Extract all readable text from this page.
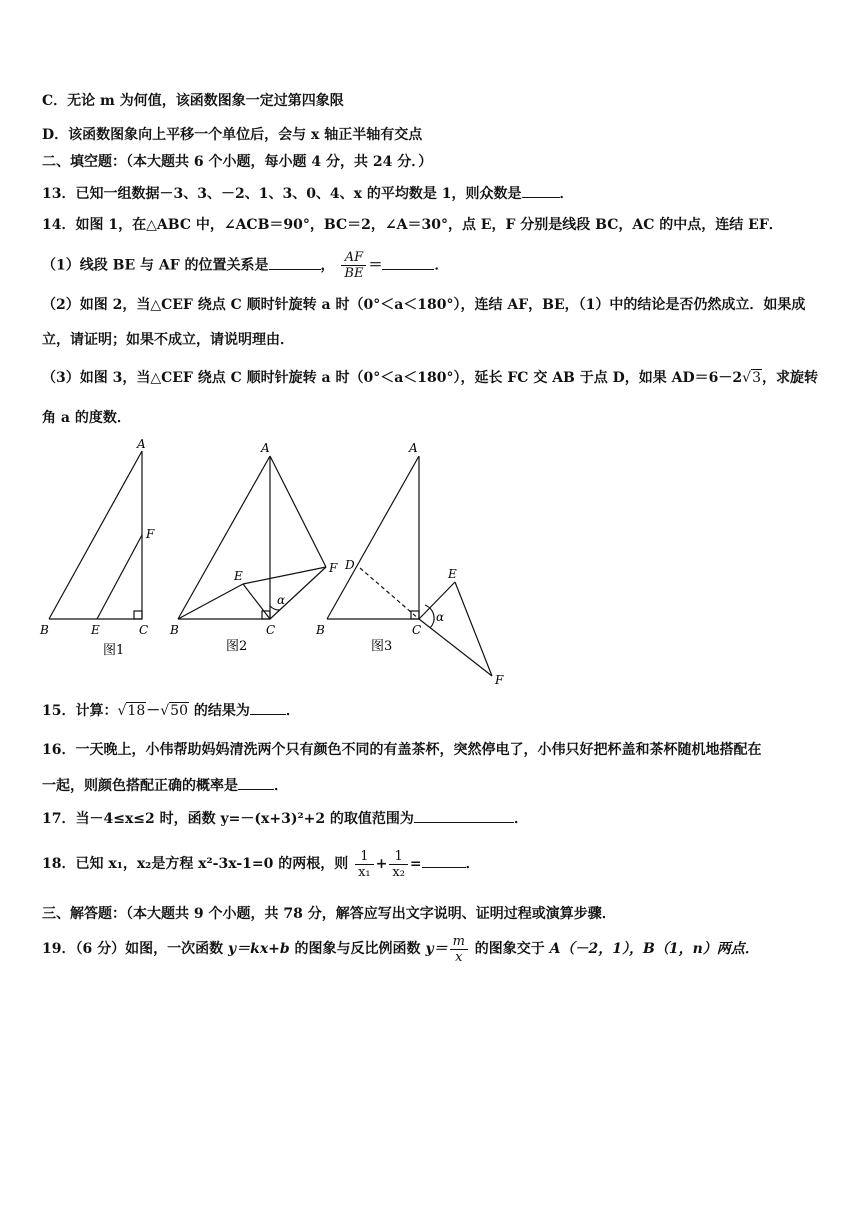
C．无论 m 为何值，该函数图象一定过第四象限
D．该函数图象向上平移一个单位后，会与 x 轴正半轴有交点
二、填空题：（本大题共 6 个小题，每小题 4 分，共 24 分．）
13．已知一组数据－3、3、－2、1、3、0、4、x 的平均数是 1，则众数是	．
14．如图 1，在△ABC 中，∠ACB＝90°，BC＝2，∠A＝30°，点 E，F 分别是线段 BC，AC 的中点，连结 EF．
（1）线段 BE 与 AF 的位置关系是	， $\frac{AF}{BE}$ ＝	．
（2）如图 2，当△CEF 绕点 C 顺时针旋转 a 时（0°＜a＜180°），连结 AF，BE，（1）中的结论是否仍然成立．如果成
立，请证明；如果不成立，请说明理由．
（3）如图 3，当△CEF 绕点 C 顺时针旋转 a 时（0°＜a＜180°），延长 FC 交 AB 于点 D，如果 AD＝6－2√3，求旋转
角 a 的度数．
A
F
B	E	C
图1
A
E
F
α
B	C
图2
A
D
E
α
B	C
F
图3
15．计算：√18－√50 的结果为	．
16．一天晚上，小伟帮助妈妈清洗两个只有颜色不同的有盖茶杯，突然停电了，小伟只好把杯盖和茶杯随机地搭配在
一起，则颜色搭配正确的概率是	．
17．当－4≤x≤2 时，函数 y=－(x+3)²+2 的取值范围为	．
18．已知 x₁，x₂是方程 x²-3x-1=0 的两根，则 $\frac{1}{\text{x₁}} + \frac{1}{\text{x₂}}$ =	．
三、解答题：（本大题共 9 个小题，共 78 分，解答应写出文字说明、证明过程或演算步骤．
19．（6 分）如图，一次函数 y＝kx+b 的图象与反比例函数 $y= \frac{m}{x}$ 的图象交于 A（－2，1），B（1，n）两点．
